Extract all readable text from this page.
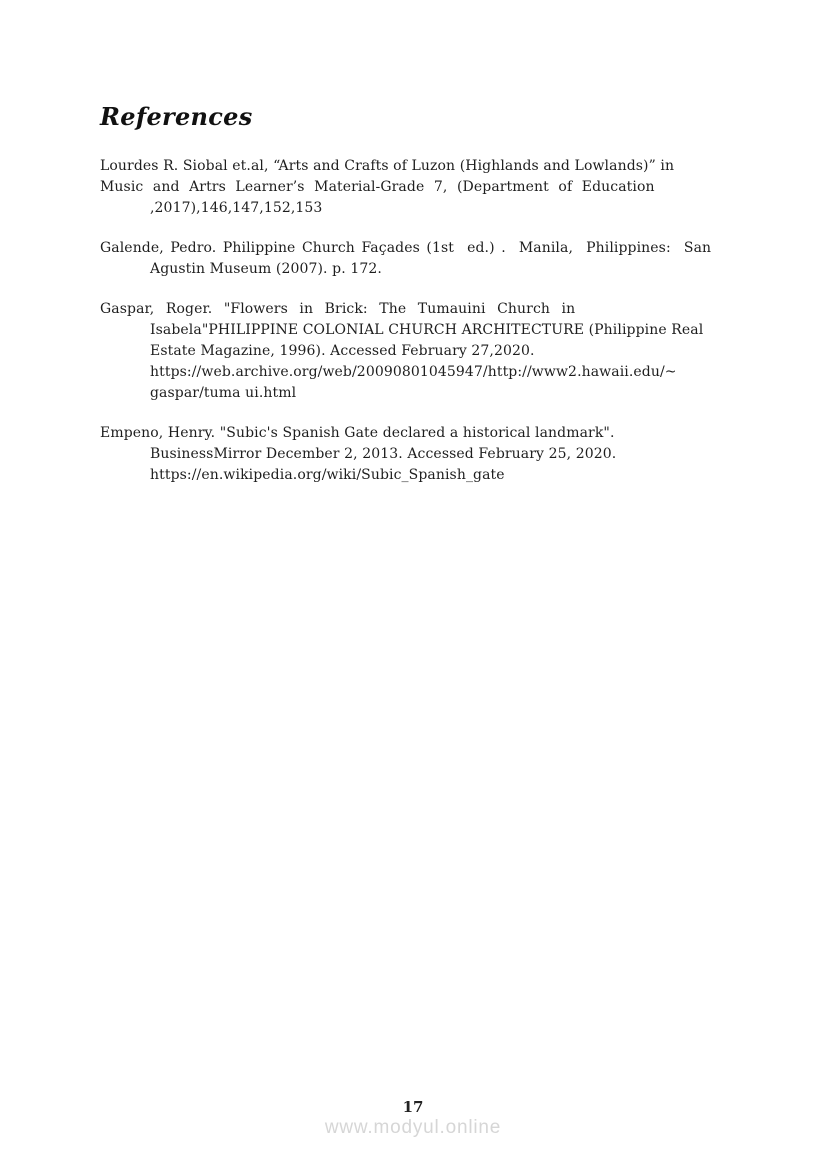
References
Lourdes R. Siobal et.al, “Arts and Crafts of Luzon (Highlands and Lowlands)” in
Music and Artrs Learner’s Material-Grade 7, (Department of Education
,2017),146,147,152,153
Galende, Pedro. Philippine Church Façades (1st  ed.) .  Manila,  Philippines:  San
Agustin Museum (2007). p. 172.
Gaspar, Roger. "Flowers in Brick: The Tumauini Church in
Isabela"PHILIPPINE COLONIAL CHURCH ARCHITECTURE (Philippine Real
Estate Magazine, 1996). Accessed February 27,2020.
https://web.archive.org/web/20090801045947/http://www2.hawaii.edu/~
gaspar/tuma ui.html
Empeno, Henry. "Subic's Spanish Gate declared a historical landmark".
BusinessMirror December 2, 2013. Accessed February 25, 2020.
https://en.wikipedia.org/wiki/Subic_Spanish_gate
17
www.modyul.online
